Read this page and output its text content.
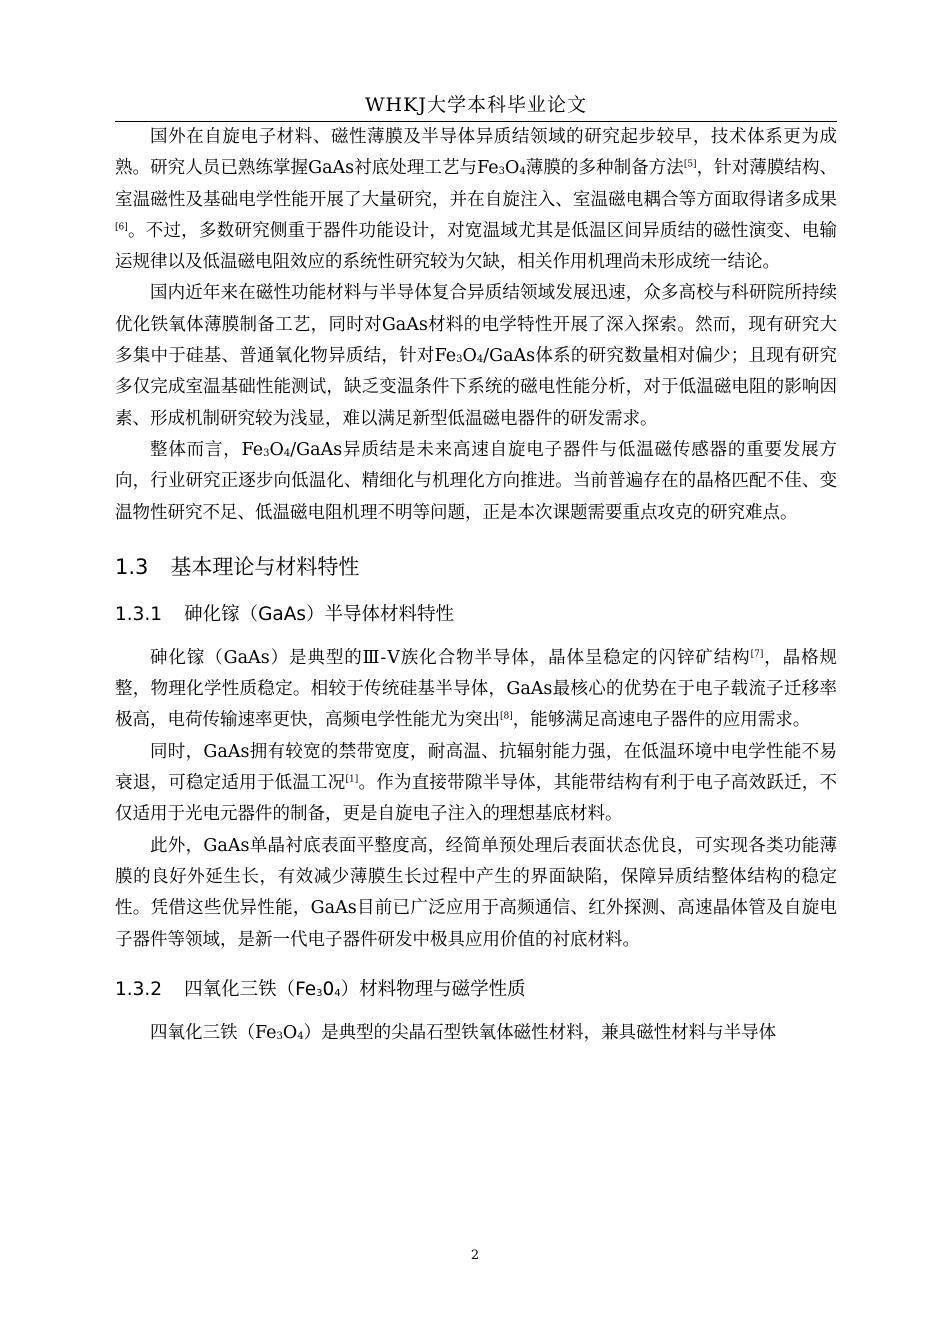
WHKJ大学本科毕业论文

国外在自旋电子材料、磁性薄膜及半导体异质结领域的研究起步较早，技术体系更为成熟。研究人员已熟练掌握GaAs衬底处理工艺与$Fe_3O_4$薄膜的多种制备方法[5]，针对薄膜结构、室温磁性及基础电学性能开展了大量研究，并在自旋注入、室温磁电耦合等方面取得诸多成果[6]。不过，多数研究侧重于器件功能设计，对宽温域尤其是低温区间异质结的磁性演变、电输运规律以及低温磁电阻效应的系统性研究较为欠缺，相关作用机理尚未形成统一结论。

国内近年来在磁性功能材料与半导体复合异质结领域发展迅速，众多高校与科研院所持续优化铁氧体薄膜制备工艺，同时对GaAs材料的电学特性开展了深入探索。然而，现有研究大多集中于硅基、普通氧化物异质结，针对$Fe_3O_4$/GaAs体系的研究数量相对偏少；且现有研究多仅完成室温基础性能测试，缺乏变温条件下系统的磁电性能分析，对于低温磁电阻的影响因素、形成机制研究较为浅显，难以满足新型低温磁电器件的研发需求。

整体而言，$Fe_3O_4$/GaAs异质结是未来高速自旋电子器件与低温磁传感器的重要发展方向，行业研究正逐步向低温化、精细化与机理化方向推进。当前普遍存在的晶格匹配不佳、变温物性研究不足、低温磁电阻机理不明等问题，正是本次课题需要重点攻克的研究难点。

1.3 基本理论与材料特性
1.3.1 砷化镓（GaAs）半导体材料特性

砷化镓（GaAs）是典型的Ⅲ-Ⅴ族化合物半导体，晶体呈稳定的闪锌矿结构[7]，晶格规整，物理化学性质稳定。相较于传统硅基半导体，GaAs最核心的优势在于电子载流子迁移率极高，电荷传输速率更快，高频电学性能尤为突出[8]，能够满足高速电子器件的应用需求。

同时，GaAs拥有较宽的禁带宽度，耐高温、抗辐射能力强，在低温环境中电学性能不易衰退，可稳定适用于低温工况[1]。作为直接带隙半导体，其能带结构有利于电子高效跃迁，不仅适用于光电元器件的制备，更是自旋电子注入的理想基底材料。

此外，GaAs单晶衬底表面平整度高，经简单预处理后表面状态优良，可实现各类功能薄膜的良好外延生长，有效减少薄膜生长过程中产生的界面缺陷，保障异质结整体结构的稳定性。凭借这些优异性能，GaAs目前已广泛应用于高频通信、红外探测、高速晶体管及自旋电子器件等领域，是新一代电子器件研发中极具应用价值的衬底材料。

1.3.2 四氧化三铁$(Fe_30_4)$材料物理与磁学性质

四氧化三铁$(Fe_3O_4)$是典型的尖晶石型铁氧体磁性材料，兼具磁性材料与半导体

2
